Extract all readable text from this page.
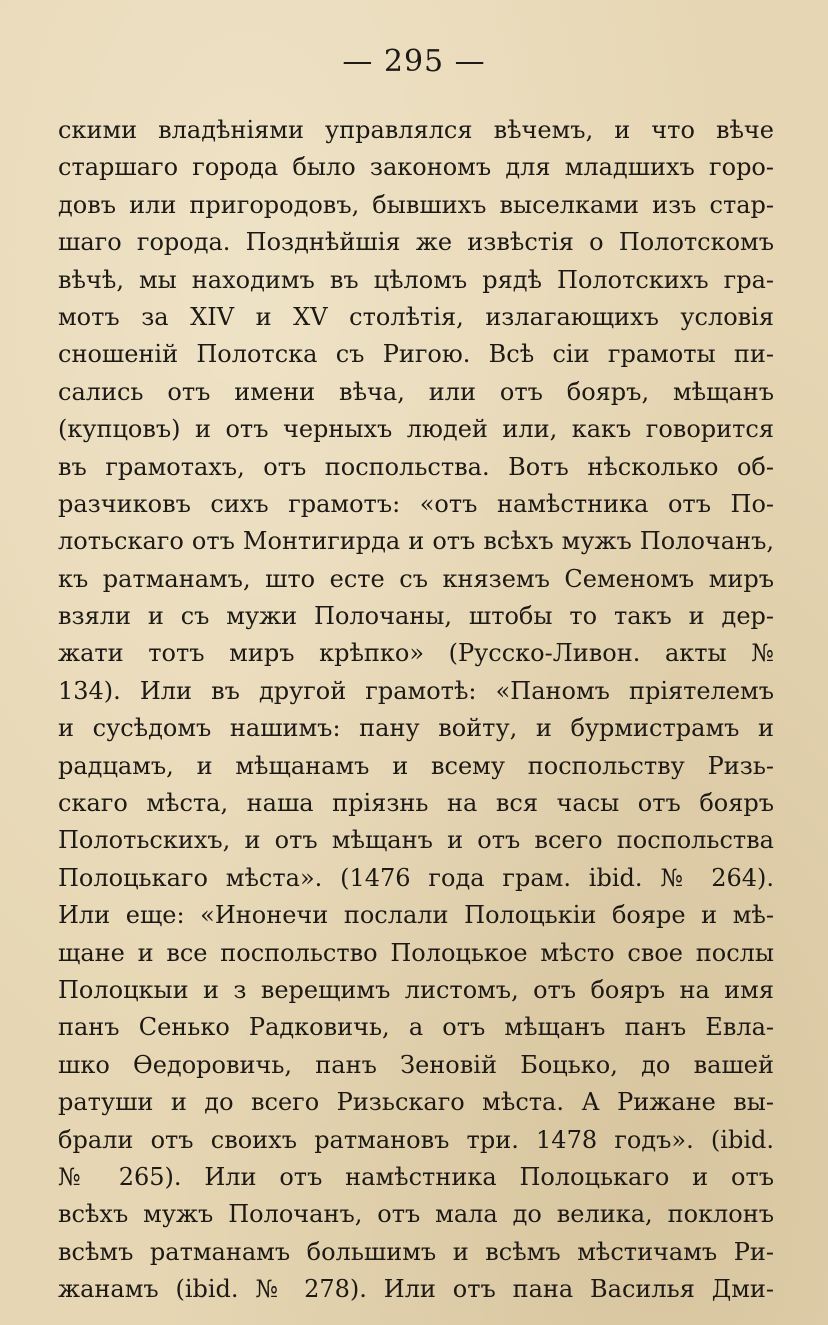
— 295 —
скими владѣніями управлялся вѣчемъ, и что вѣче
старшаго города было закономъ для младшихъ горо-
довъ или пригородовъ, бывшихъ выселками изъ стар-
шаго города. Позднѣйшія же извѣстія о Полотскомъ
вѣчѣ, мы находимъ въ цѣломъ рядѣ Полотскихъ гра-
мотъ за XIV и XV столѣтія, излагающихъ условія
сношеній Полотска съ Ригою. Всѣ сіи грамоты пи-
сались отъ имени вѣча, или отъ бояръ, мѣщанъ
(купцовъ) и отъ черныхъ людей или, какъ говорится
въ грамотахъ, отъ поспольства. Вотъ нѣсколько об-
разчиковъ сихъ грамотъ: «отъ намѣстника отъ По-
лотьскаго отъ Монтигирда и отъ всѣхъ мужъ Полочанъ,
къ ратманамъ, што есте съ княземъ Семеномъ миръ
взяли и съ мужи Полочаны, штобы то такъ и дер-
жати тотъ миръ крѣпко» (Русско-Ливон. акты №
134). Или въ другой грамотѣ: «Паномъ пріятелемъ
и сусѣдомъ нашимъ: пану войту, и бурмистрамъ и
радцамъ, и мѣщанамъ и всему поспольству Ризь-
скаго мѣста, наша пріязнь на вся часы отъ бояръ
Полотьскихъ, и отъ мѣщанъ и отъ всего поспольства
Полоцькаго мѣста». (1476 года грам. ibid. № 264).
Или еще: «Инонечи послали Полоцькіи бояре и мѣ-
щане и все поспольство Полоцькое мѣсто свое послы
Полоцкыи и з верещимъ листомъ, отъ бояръ на имя
панъ Сенько Радковичь, а отъ мѣщанъ панъ Евла-
шко Ѳедоровичь, панъ Зеновій Боцько, до вашей
ратуши и до всего Ризьскаго мѣста. А Рижане вы-
брали отъ своихъ ратмановъ три. 1478 годъ». (ibid.
№ 265). Или отъ намѣстника Полоцькаго и отъ
всѣхъ мужъ Полочанъ, отъ мала до велика, поклонъ
всѣмъ ратманамъ большимъ и всѣмъ мѣстичамъ Ри-
жанамъ (ibid. № 278). Или отъ пана Василья Дми-
